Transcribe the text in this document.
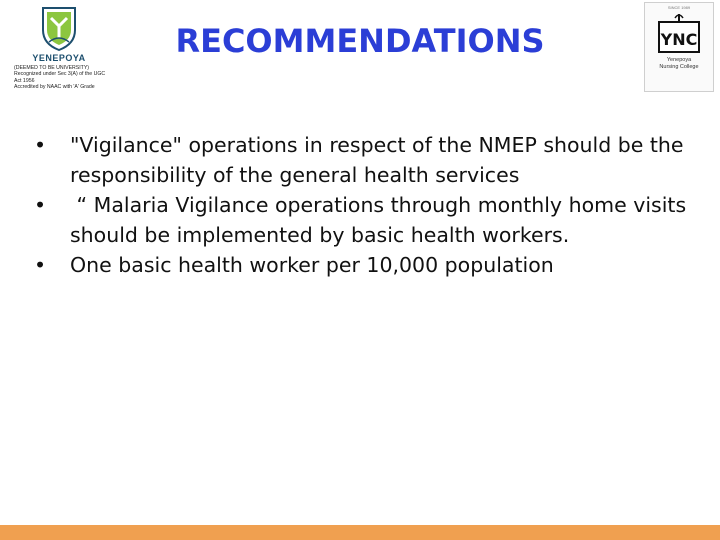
YENEPOYA
(DEEMED TO BE UNIVERSITY)
Recognized under Sec 3(A) of the UGC Act 1956
Accredited by NAAC with 'A' Grade
RECOMMENDATIONS
SINCE 1989
YNC
Yenepoya
Nursing College
• "Vigilance" operations in respect of the NMEP should be the responsibility of the general health services
• “ Malaria Vigilance operations through monthly home visits should be implemented by basic health workers.
• One basic health worker per 10,000 population
